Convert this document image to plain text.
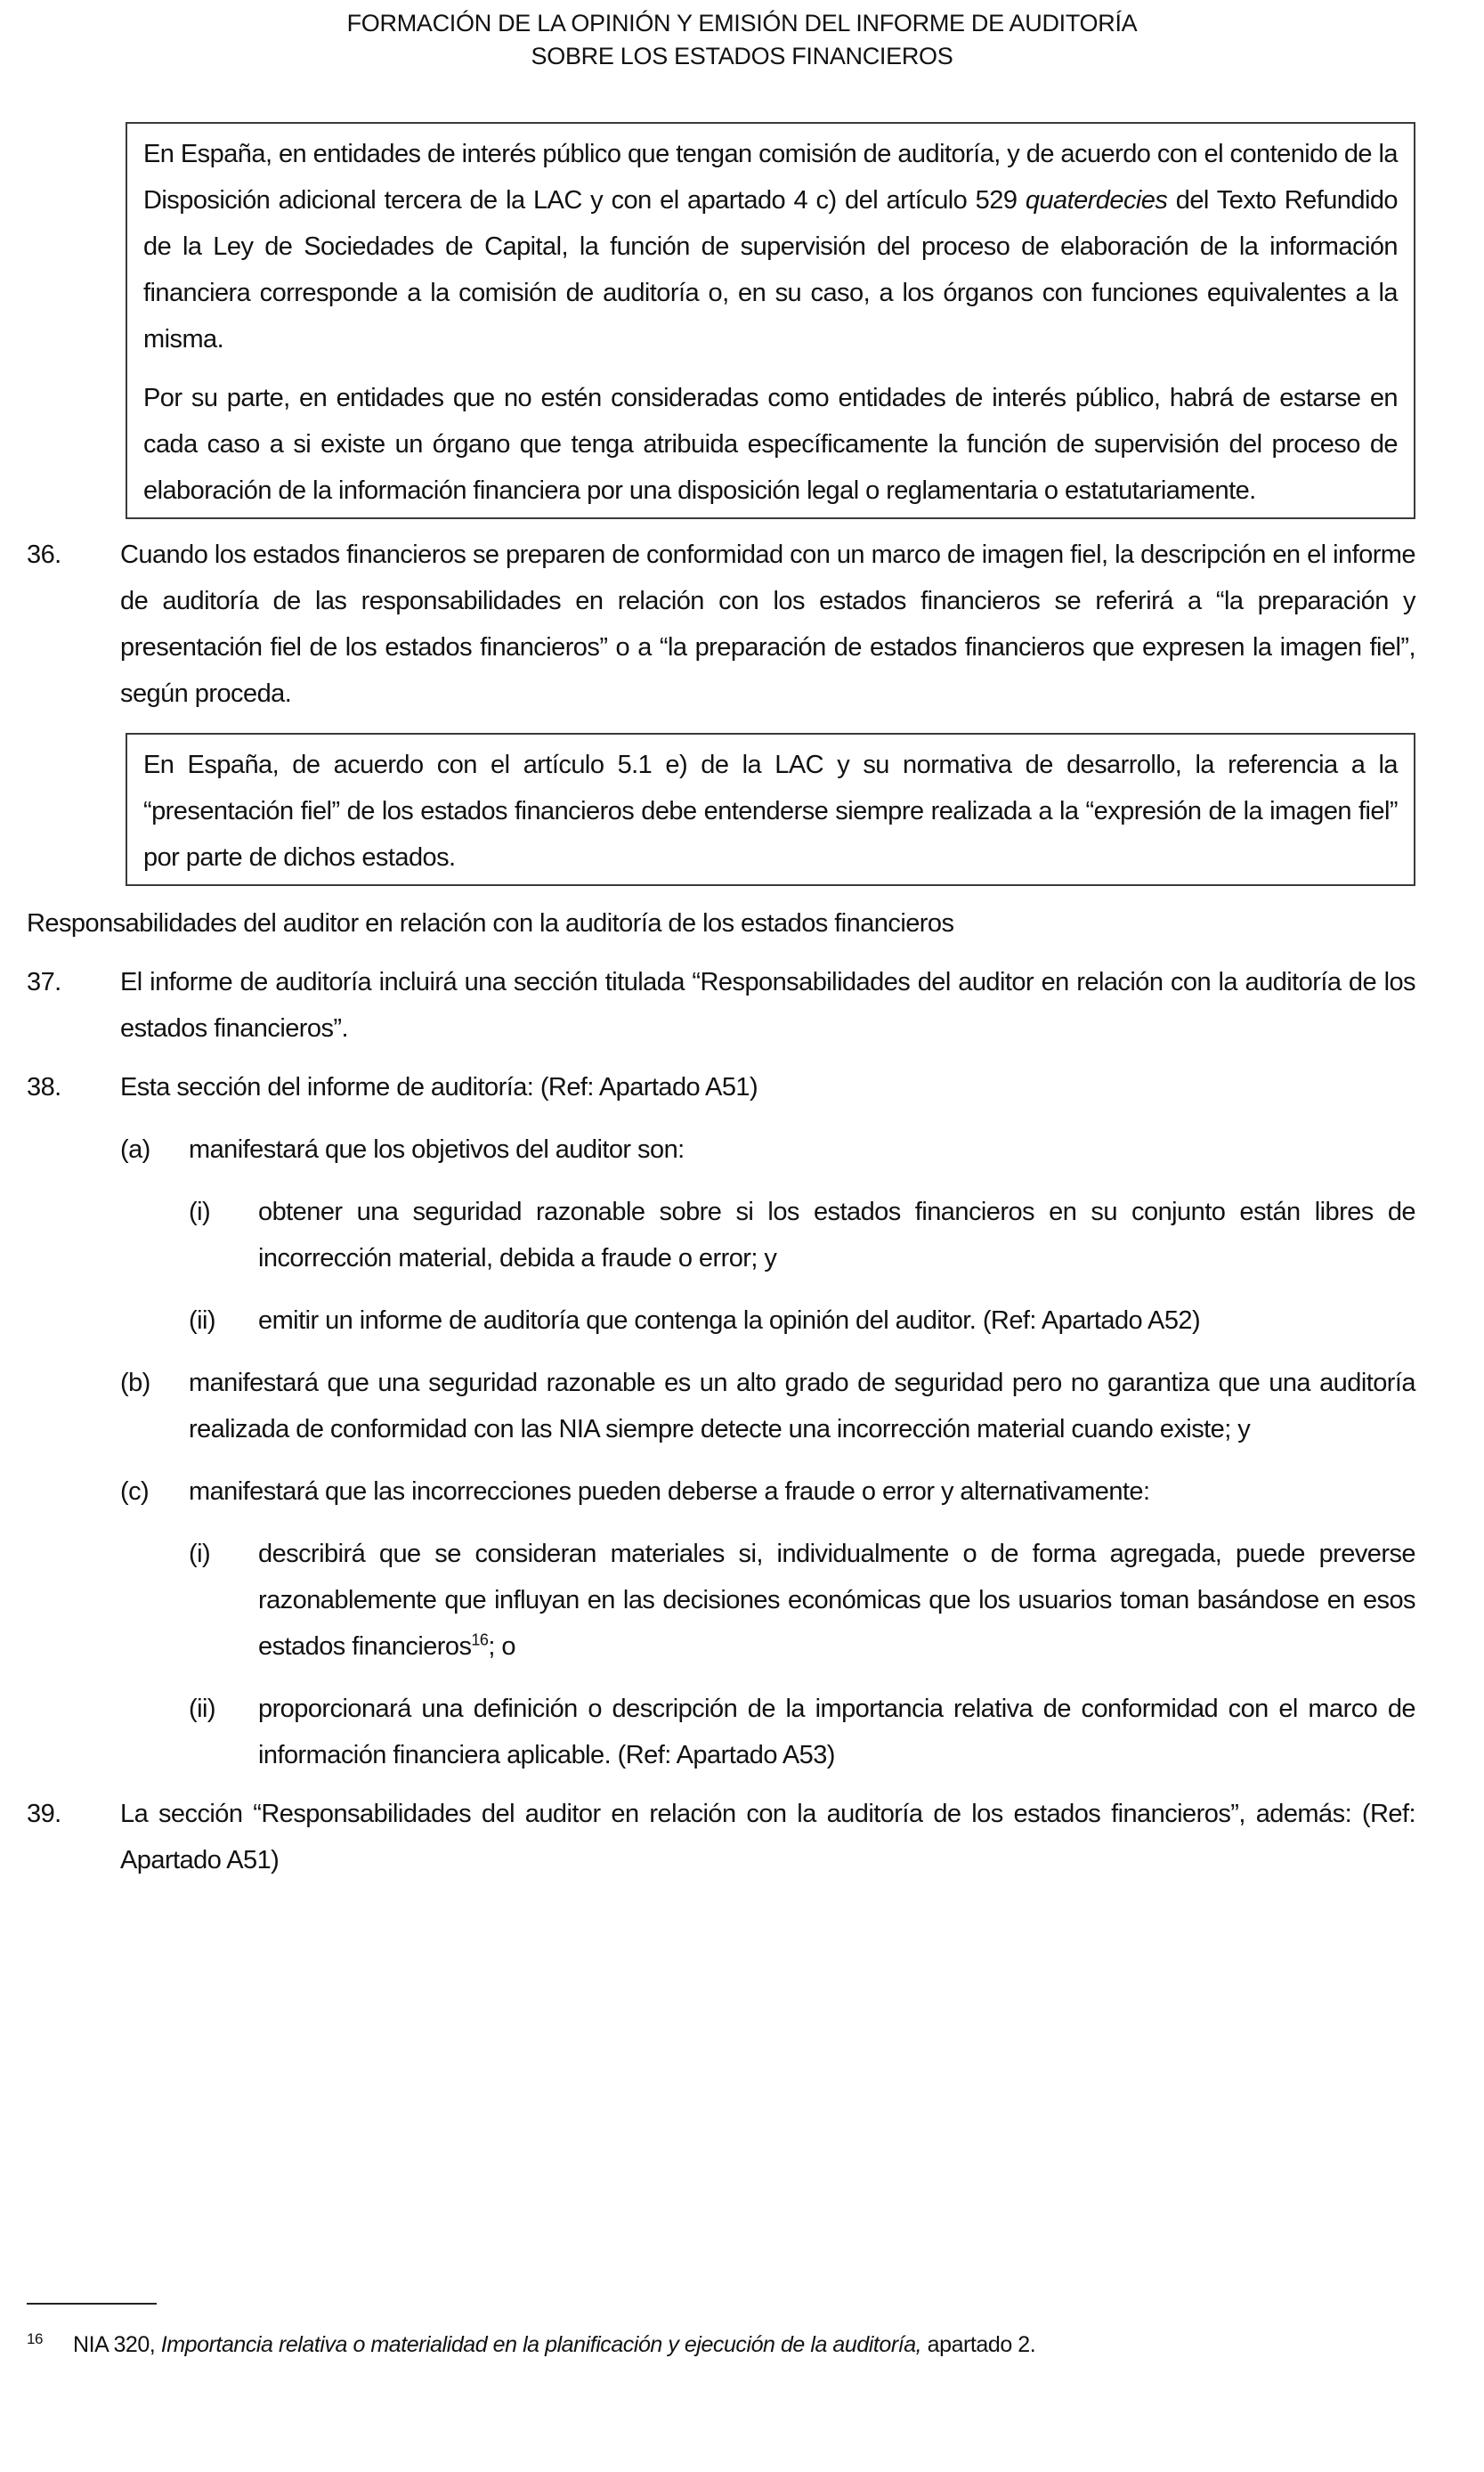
FORMACIÓN DE LA OPINIÓN Y EMISIÓN DEL INFORME DE AUDITORÍA
SOBRE LOS ESTADOS FINANCIEROS

En España, en entidades de interés público que tengan comisión de auditoría, y de acuerdo con el contenido de la Disposición adicional tercera de la LAC y con el apartado 4 c) del artículo 529 quaterdecies del Texto Refundido de la Ley de Sociedades de Capital, la función de supervisión del proceso de elaboración de la información financiera corresponde a la comisión de auditoría o, en su caso, a los órganos con funciones equivalentes a la misma.

Por su parte, en entidades que no estén consideradas como entidades de interés público, habrá de estarse en cada caso a si existe un órgano que tenga atribuida específicamente la función de supervisión del proceso de elaboración de la información financiera por una disposición legal o reglamentaria o estatutariamente.

36.	Cuando los estados financieros se preparen de conformidad con un marco de imagen fiel, la descripción en el informe de auditoría de las responsabilidades en relación con los estados financieros se referirá a “la preparación y presentación fiel de los estados financieros” o a “la preparación de estados financieros que expresen la imagen fiel”, según proceda.

En España, de acuerdo con el artículo 5.1 e) de la LAC y su normativa de desarrollo, la referencia a la “presentación fiel” de los estados financieros debe entenderse siempre realizada a la “expresión de la imagen fiel” por parte de dichos estados.

Responsabilidades del auditor en relación con la auditoría de los estados financieros
37.	El informe de auditoría incluirá una sección titulada “Responsabilidades del auditor en relación con la auditoría de los estados financieros”.
38.	Esta sección del informe de auditoría: (Ref: Apartado A51)
(a)	manifestará que los objetivos del auditor son:
(i)	obtener una seguridad razonable sobre si los estados financieros en su conjunto están libres de incorrección material, debida a fraude o error; y
(ii)	emitir un informe de auditoría que contenga la opinión del auditor. (Ref: Apartado A52)
(b)	manifestará que una seguridad razonable es un alto grado de seguridad pero no garantiza que una auditoría realizada de conformidad con las NIA siempre detecte una incorrección material cuando existe; y
(c)	manifestará que las incorrecciones pueden deberse a fraude o error y alternativamente:
(i)	describirá que se consideran materiales si, individualmente o de forma agregada, puede preverse razonablemente que influyan en las decisiones económicas que los usuarios toman basándose en esos estados financieros$^{16}$; o
(ii)	proporcionará una definición o descripción de la importancia relativa de conformidad con el marco de información financiera aplicable. (Ref: Apartado A53)
39.	La sección “Responsabilidades del auditor en relación con la auditoría de los estados financieros”, además: (Ref: Apartado A51)
16	NIA 320, Importancia relativa o materialidad en la planificación y ejecución de la auditoría, apartado 2.
